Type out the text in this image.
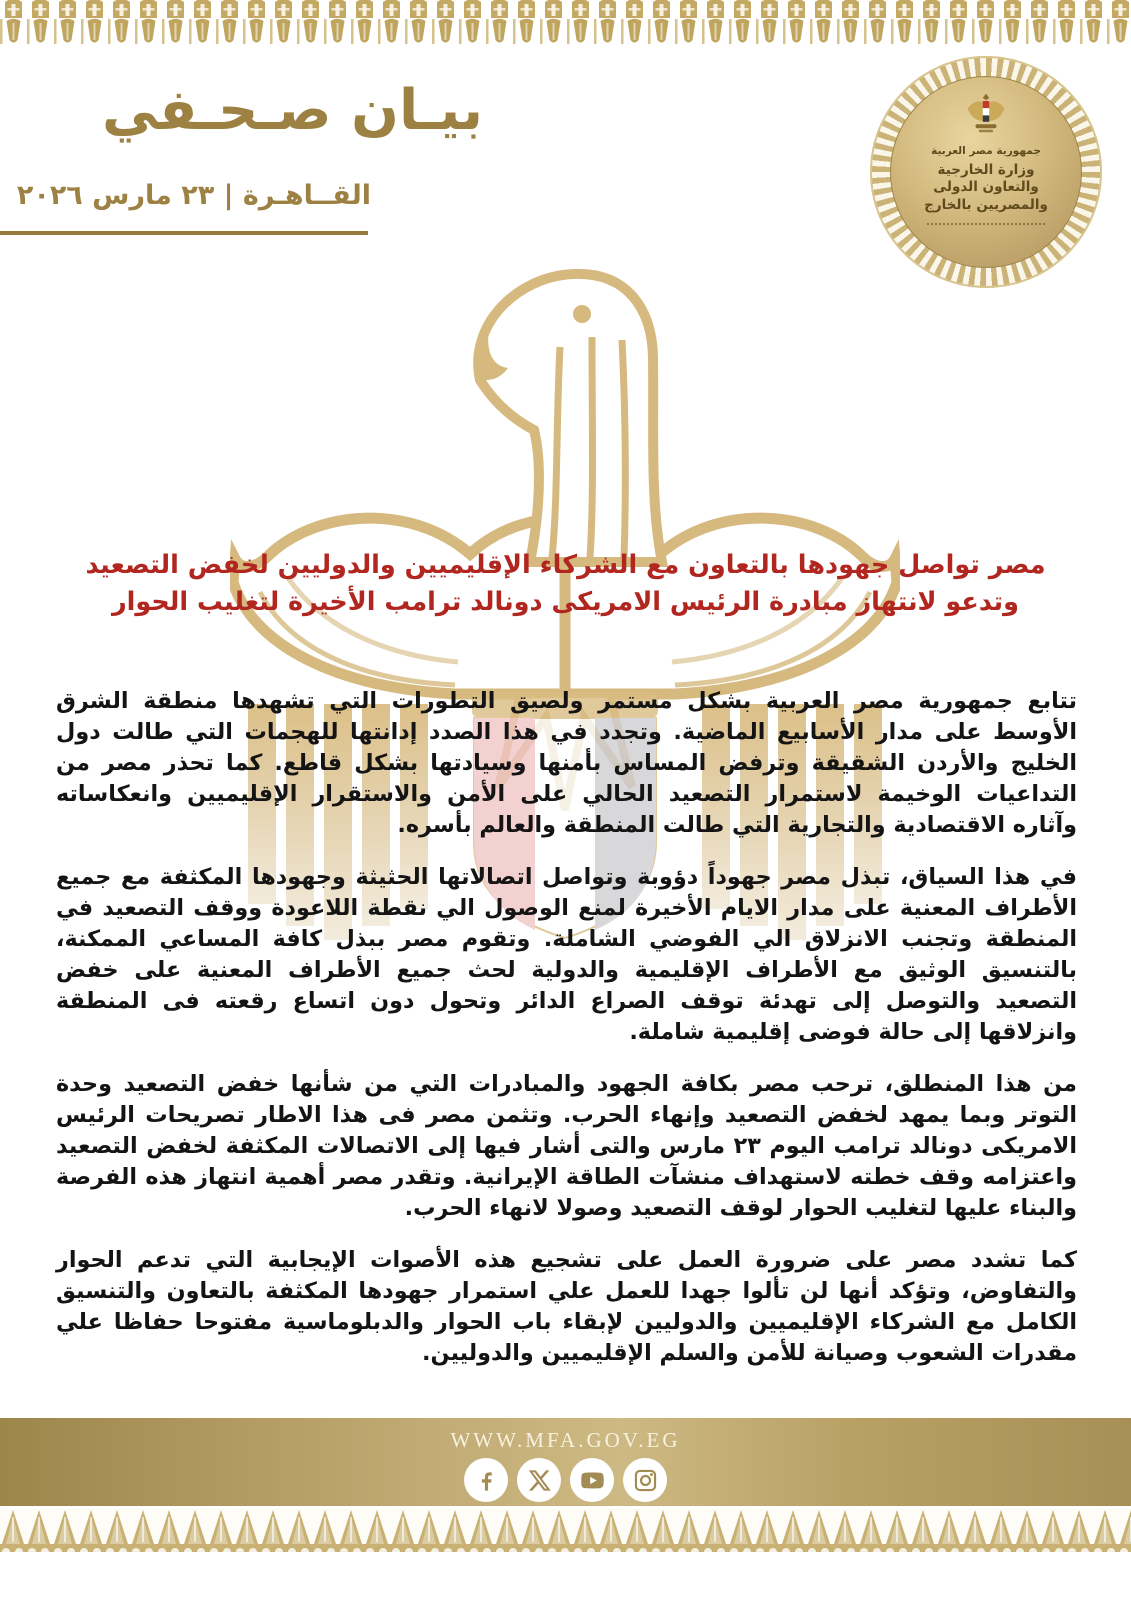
بيـان صـحـفي
القــاهـرة | ٢٣ مارس ٢٠٢٦
جمهورية مصر العربية
وزارة الخارجية والتعاون الدولى
والمصريين بالخارج
مصر تواصل جهودها بالتعاون مع الشركاء الإقليميين والدوليين لخفض التصعيد وتدعو لانتهاز مبادرة الرئيس الامريكى دونالد ترامب الأخيرة لتغليب الحوار

تتابع جمهورية مصر العربية بشكل مستمر ولصيق التطورات التي تشهدها منطقة الشرق الأوسط على مدار الأسابيع الماضية. وتجدد في هذا الصدد إدانتها للهجمات التي طالت دول الخليج والأردن الشقيقة وترفض المساس بأمنها وسيادتها بشكل قاطع. كما تحذر مصر من التداعيات الوخيمة لاستمرار التصعيد الحالي على الأمن والاستقرار الإقليميين وانعكاساته وآثاره الاقتصادية والتجارية التي طالت المنطقة والعالم بأسره.

في هذا السياق، تبذل مصر جهوداً دؤوبة وتواصل اتصالاتها الحثيثة وجهودها المكثفة مع جميع الأطراف المعنية على مدار الايام الأخيرة لمنع الوصول الي نقطة اللاعودة ووقف التصعيد في المنطقة وتجنب الانزلاق الي الفوضي الشاملة. وتقوم مصر ببذل كافة المساعي الممكنة، بالتنسيق الوثيق مع الأطراف الإقليمية والدولية لحث جميع الأطراف المعنية على خفض التصعيد والتوصل إلى تهدئة توقف الصراع الدائر وتحول دون اتساع رقعته فى المنطقة وانزلاقها إلى حالة فوضى إقليمية شاملة.

من هذا المنطلق، ترحب مصر بكافة الجهود والمبادرات التي من شأنها خفض التصعيد وحدة التوتر وبما يمهد لخفض التصعيد وإنهاء الحرب. وتثمن مصر فى هذا الاطار تصريحات الرئيس الامريكى دونالد ترامب اليوم ٢٣ مارس والتى أشار فيها إلى الاتصالات المكثفة لخفض التصعيد واعتزامه وقف خطته لاستهداف منشآت الطاقة الإيرانية. وتقدر مصر أهمية انتهاز هذه الفرصة والبناء عليها لتغليب الحوار لوقف التصعيد وصولا لانهاء الحرب.

كما تشدد مصر على ضرورة العمل على تشجيع هذه الأصوات الإيجابية التي تدعم الحوار والتفاوض، وتؤكد أنها لن تألوا جهدا للعمل علي استمرار جهودها المكثفة بالتعاون والتنسيق الكامل مع الشركاء الإقليميين والدوليين لإبقاء باب الحوار والدبلوماسية مفتوحا حفاظا علي مقدرات الشعوب وصيانة للأمن والسلم الإقليميين والدوليين.

WWW.MFA.GOV.EG
